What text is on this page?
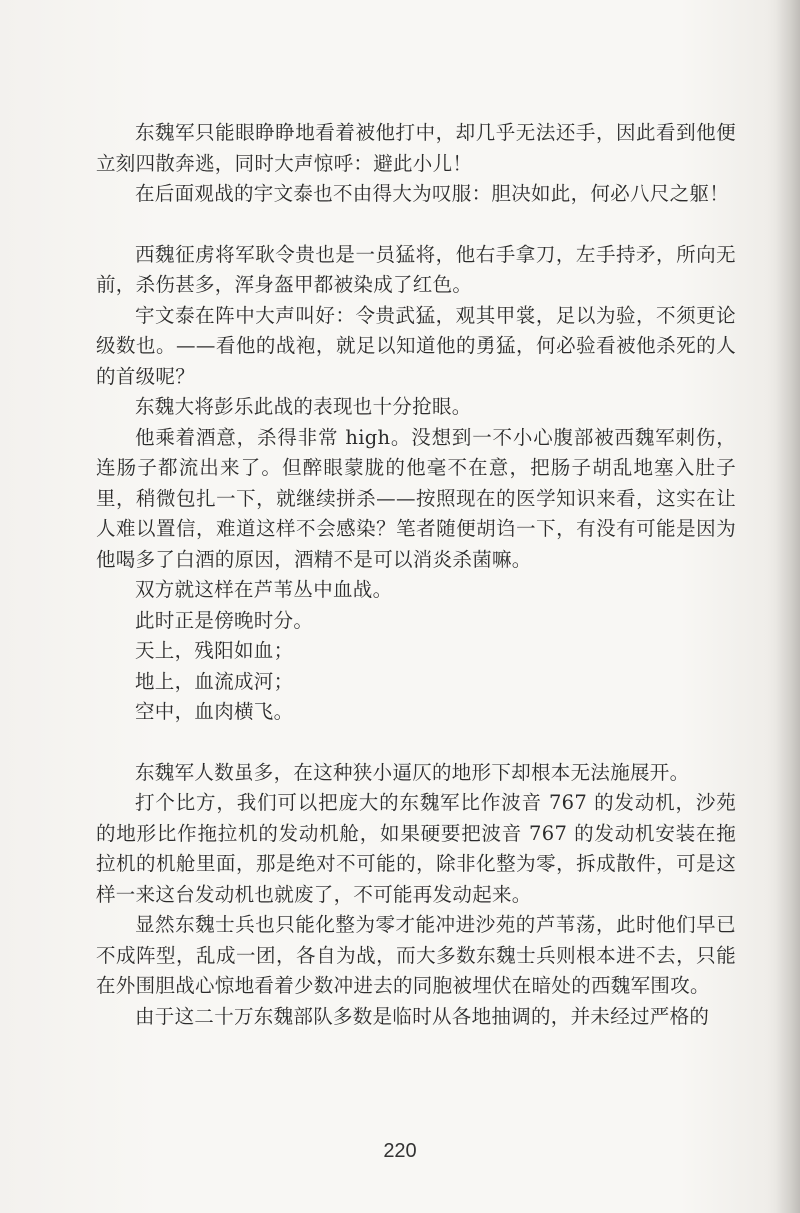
东魏军只能眼睁睁地看着被他打中，却几乎无法还手，因此看到他便立刻四散奔逃，同时大声惊呼：避此小儿！

在后面观战的宇文泰也不由得大为叹服：胆决如此，何必八尺之躯！

西魏征虏将军耿令贵也是一员猛将，他右手拿刀，左手持矛，所向无前，杀伤甚多，浑身盔甲都被染成了红色。

宇文泰在阵中大声叫好：令贵武猛，观其甲裳，足以为验，不须更论级数也。——看他的战袍，就足以知道他的勇猛，何必验看被他杀死的人的首级呢？

东魏大将彭乐此战的表现也十分抢眼。

他乘着酒意，杀得非常 high。没想到一不小心腹部被西魏军刺伤，连肠子都流出来了。但醉眼蒙胧的他毫不在意，把肠子胡乱地塞入肚子里，稍微包扎一下，就继续拼杀——按照现在的医学知识来看，这实在让人难以置信，难道这样不会感染？笔者随便胡诌一下，有没有可能是因为他喝多了白酒的原因，酒精不是可以消炎杀菌嘛。

双方就这样在芦苇丛中血战。

此时正是傍晚时分。

天上，残阳如血；

地上，血流成河；

空中，血肉横飞。

东魏军人数虽多，在这种狭小逼仄的地形下却根本无法施展开。

打个比方，我们可以把庞大的东魏军比作波音 767 的发动机，沙苑的地形比作拖拉机的发动机舱，如果硬要把波音 767 的发动机安装在拖拉机的机舱里面，那是绝对不可能的，除非化整为零，拆成散件，可是这样一来这台发动机也就废了，不可能再发动起来。

显然东魏士兵也只能化整为零才能冲进沙苑的芦苇荡，此时他们早已不成阵型，乱成一团，各自为战，而大多数东魏士兵则根本进不去，只能在外围胆战心惊地看着少数冲进去的同胞被埋伏在暗处的西魏军围攻。

由于这二十万东魏部队多数是临时从各地抽调的，并未经过严格的

220
